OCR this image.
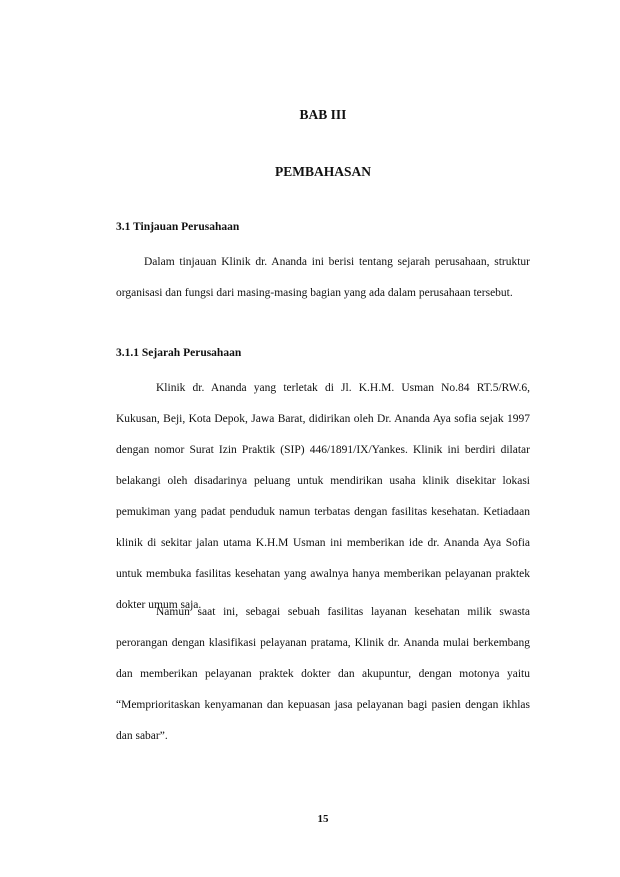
BAB III
PEMBAHASAN
3.1 Tinjauan Perusahaan

Dalam tinjauan Klinik dr. Ananda ini berisi tentang sejarah perusahaan, struktur organisasi dan fungsi dari masing-masing bagian yang ada dalam perusahaan tersebut.

3.1.1 Sejarah Perusahaan

Klinik dr. Ananda yang terletak di Jl. K.H.M. Usman No.84 RT.5/RW.6, Kukusan, Beji, Kota Depok, Jawa Barat, didirikan oleh Dr. Ananda Aya sofia sejak 1997 dengan nomor Surat Izin Praktik (SIP) 446/1891/IX/Yankes. Klinik ini berdiri dilatar belakangi oleh disadarinya peluang untuk mendirikan usaha klinik disekitar lokasi pemukiman yang padat penduduk namun terbatas dengan fasilitas kesehatan. Ketiadaan klinik di sekitar jalan utama K.H.M Usman ini memberikan ide dr. Ananda Aya Sofia untuk membuka fasilitas kesehatan yang awalnya hanya memberikan pelayanan praktek dokter umum saja.

Namun saat ini, sebagai sebuah fasilitas layanan kesehatan milik swasta perorangan dengan klasifikasi pelayanan pratama, Klinik dr. Ananda mulai berkembang dan memberikan pelayanan praktek dokter dan akupuntur, dengan motonya yaitu “Memprioritaskan kenyamanan dan kepuasan jasa pelayanan bagi pasien dengan ikhlas dan sabar”.

15
